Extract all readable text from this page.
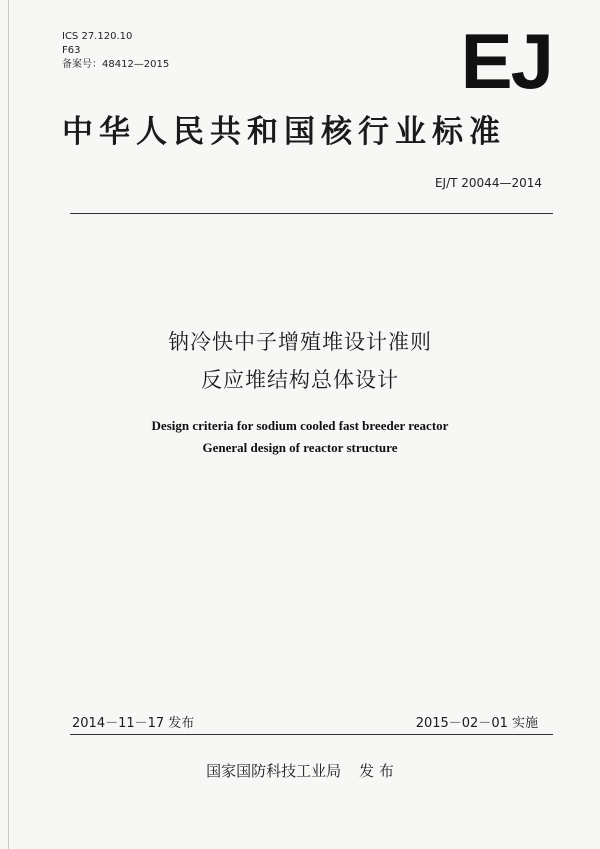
ICS 27.120.10
F63
备案号：48412—2015	EJ
中华人民共和国核行业标准
EJ/T 20044—2014
钠冷快中子增殖堆设计准则
反应堆结构总体设计
Design criteria for sodium cooled fast breeder reactor
General design of reactor structure
2014－11－17 发布	2015－02－01 实施
国家国防科技工业局 发 布
